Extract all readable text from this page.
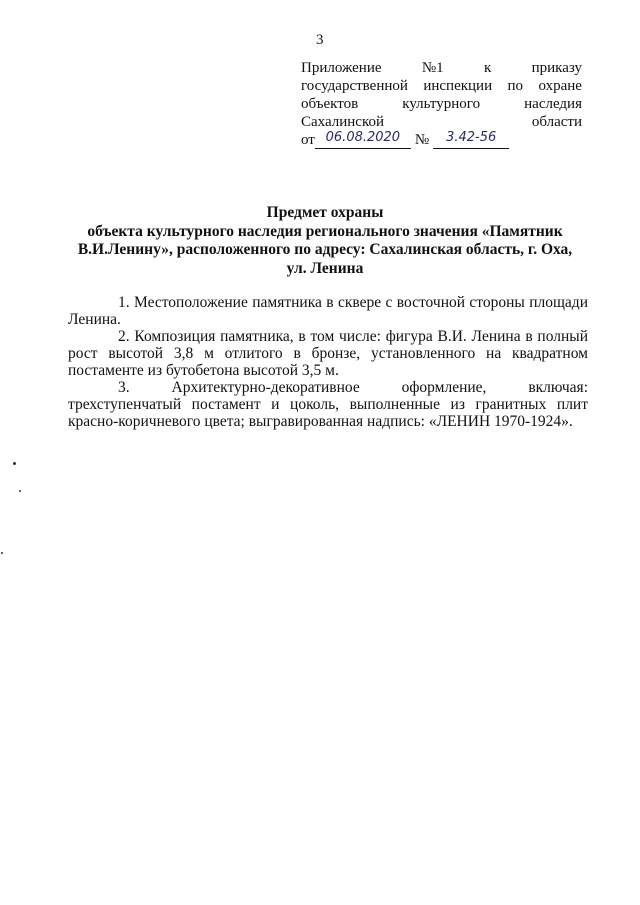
3
Приложение	№1	к	приказу
государственной инспекции по охране
объектов	культурного	наследия
Сахалинской	области
от 06.08.2020 №	3.42-56
Предмет охраны
объекта культурного наследия регионального значения «Памятник
В.И.Ленину», расположенного по адресу: Сахалинская область, г. Оха,
ул. Ленина

1. Местоположение памятника в сквере с восточной стороны площади Ленина.

2. Композиция памятника, в том числе: фигура В.И. Ленина в полный рост высотой 3,8 м отлитого в бронзе, установленного на квадратном постаменте из бутобетона высотой 3,5 м.

3.	Архитектурно-декоративное	оформление,	включая:

трехступенчатый постамент и цоколь, выполненные из гранитных плит красно-коричневого цвета; выгравированная надпись: «ЛЕНИН 1970-1924».
